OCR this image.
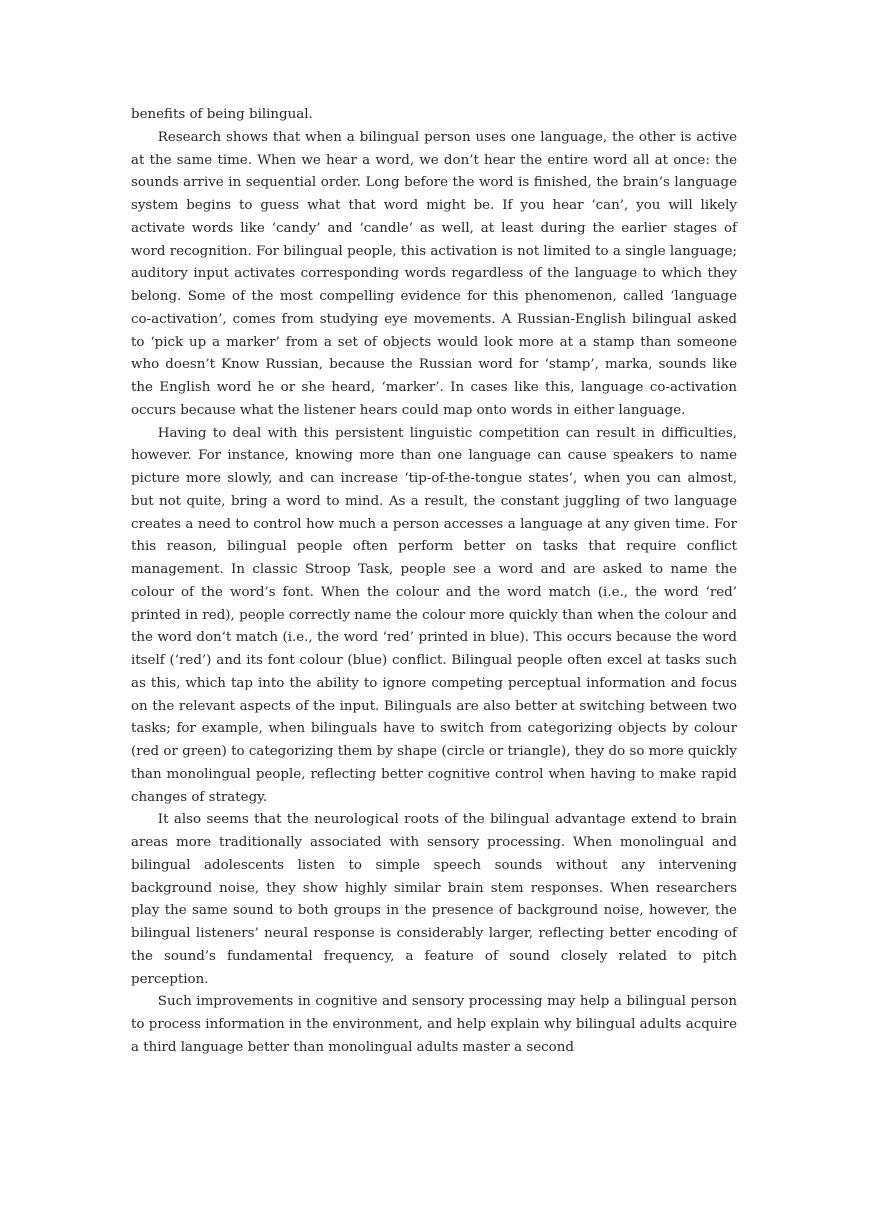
benefits of being bilingual.

Research shows that when a bilingual person uses one language, the other is active at the same time. When we hear a word, we don’t hear the entire word all at once: the sounds arrive in sequential order. Long before the word is finished, the brain’s language system begins to guess what that word might be. If you hear ‘can’, you will likely activate words like ‘candy’ and ‘candle’ as well, at least during the earlier stages of word recognition. For bilingual people, this activation is not limited to a single language; auditory input activates corresponding words regardless of the language to which they belong. Some of the most compelling evidence for this phenomenon, called ‘language co-activation’, comes from studying eye movements. A Russian-English bilingual asked to ‘pick up a marker’ from a set of objects would look more at a stamp than someone who doesn’t Know Russian, because the Russian word for ‘stamp’, marka, sounds like the English word he or she heard, ‘marker’. In cases like this, language co-activation occurs because what the listener hears could map onto words in either language.

Having to deal with this persistent linguistic competition can result in difficulties, however. For instance, knowing more than one language can cause speakers to name picture more slowly, and can increase ‘tip-of-the-tongue states’, when you can almost, but not quite, bring a word to mind. As a result, the constant juggling of two language creates a need to control how much a person accesses a language at any given time. For this reason, bilingual people often perform better on tasks that require conflict management. In classic Stroop Task, people see a word and are asked to name the colour of the word’s font. When the colour and the word match (i.e., the word ‘red’ printed in red), people correctly name the colour more quickly than when the colour and the word don’t match (i.e., the word ‘red’ printed in blue). This occurs because the word itself (‘red’) and its font colour (blue) conflict. Bilingual people often excel at tasks such as this, which tap into the ability to ignore competing perceptual information and focus on the relevant aspects of the input. Bilinguals are also better at switching between two tasks; for example, when bilinguals have to switch from categorizing objects by colour (red or green) to categorizing them by shape (circle or triangle), they do so more quickly than monolingual people, reflecting better cognitive control when having to make rapid changes of strategy.

It also seems that the neurological roots of the bilingual advantage extend to brain areas more traditionally associated with sensory processing. When monolingual and bilingual adolescents listen to simple speech sounds without any intervening background noise, they show highly similar brain stem responses. When researchers play the same sound to both groups in the presence of background noise, however, the bilingual listeners’ neural response is considerably larger, reflecting better encoding of the sound’s fundamental frequency, a feature of sound closely related to pitch perception.

Such improvements in cognitive and sensory processing may help a bilingual person to process information in the environment, and help explain why bilingual adults acquire a third language better than monolingual adults master a second
